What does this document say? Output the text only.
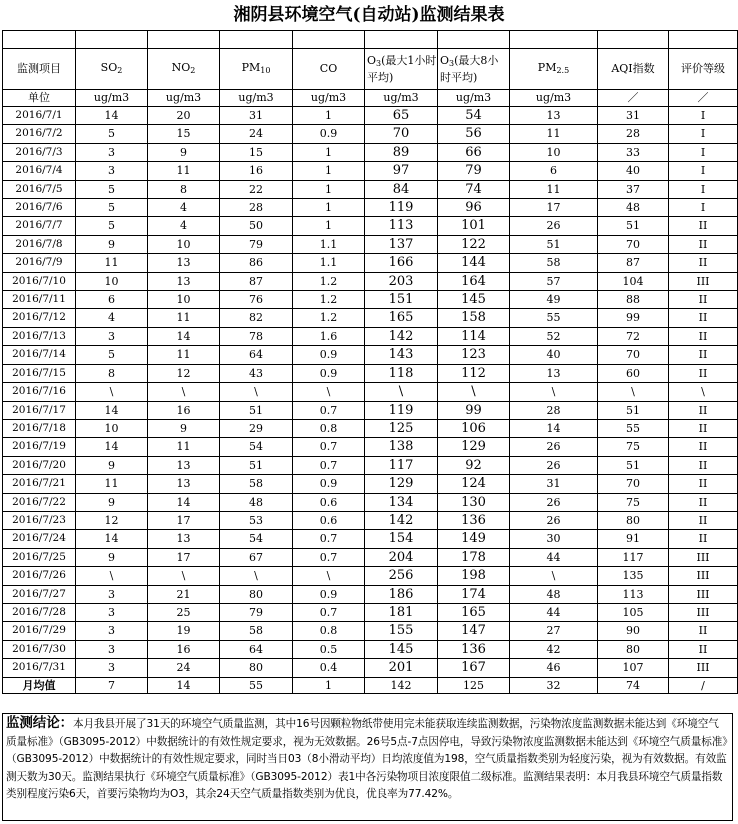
湘阴县环境空气(自动站)监测结果表

监测项目	$SO_2$	$NO_2$	$PM_{10}$	CO	$O_3$(最大1小时平均)	$O_3$(最大8小时平均)	$PM_{2.5}$	AQI指数	评价等级
单位	ug/m3	ug/m3	ug/m3	ug/m3	ug/m3	ug/m3	ug/m3	／	／
2016/7/1	14	20	31	1	65	54	13	31	I
2016/7/2	5	15	24	0.9	70	56	11	28	I
2016/7/3	3	9	15	1	89	66	10	33	I
2016/7/4	3	11	16	1	97	79	6	40	I
2016/7/5	5	8	22	1	84	74	11	37	I
2016/7/6	5	4	28	1	119	96	17	48	I
2016/7/7	5	4	50	1	113	101	26	51	II
2016/7/8	9	10	79	1.1	137	122	51	70	II
2016/7/9	11	13	86	1.1	166	144	58	87	II
2016/7/10	10	13	87	1.2	203	164	57	104	III
2016/7/11	6	10	76	1.2	151	145	49	88	II
2016/7/12	4	11	82	1.2	165	158	55	99	II
2016/7/13	3	14	78	1.6	142	114	52	72	II
2016/7/14	5	11	64	0.9	143	123	40	70	II
2016/7/15	8	12	43	0.9	118	112	13	60	II
2016/7/16	\	\	\	\	\	\	\	\	\
2016/7/17	14	16	51	0.7	119	99	28	51	II
2016/7/18	10	9	29	0.8	125	106	14	55	II
2016/7/19	14	11	54	0.7	138	129	26	75	II
2016/7/20	9	13	51	0.7	117	92	26	51	II
2016/7/21	11	13	58	0.9	129	124	31	70	II
2016/7/22	9	14	48	0.6	134	130	26	75	II
2016/7/23	12	17	53	0.6	142	136	26	80	II
2016/7/24	14	13	54	0.7	154	149	30	91	II
2016/7/25	9	17	67	0.7	204	178	44	117	III
2016/7/26	\	\	\	\	256	198	\	135	III
2016/7/27	3	21	80	0.9	186	174	48	113	III
2016/7/28	3	25	79	0.7	181	165	44	105	III
2016/7/29	3	19	58	0.8	155	147	27	90	II
2016/7/30	3	16	64	0.5	145	136	42	80	II
2016/7/31	3	24	80	0.4	201	167	46	107	III
月均值	7	14	55	1	142	125	32	74	/
监测结论：本月我县开展了31天的环境空气质量监测，其中16号因颗粒物纸带使用完未能获取连续监测数据，污染物浓度监测数据未能达到《环境空气质量标准》（GB3095-2012）中数据统计的有效性规定要求，视为无效数据。26号5点-7点因停电，导致污染物浓度监测数据未能达到《环境空气质量标准》（GB3095-2012）中数据统计的有效性规定要求，同时当日03（8小滑动平均）日均浓度值为198，空气质量指数类别为轻度污染，视为有效数据。有效监测天数为30天。监测结果执行《环境空气质量标准》（GB3095-2012）表1中各污染物项目浓度限值二级标准。监测结果表明：本月我县环境空气质量指数类别程度污染6天，首要污染物均为O3，其余24天空气质量指数类别为优良，优良率为77.42%。
